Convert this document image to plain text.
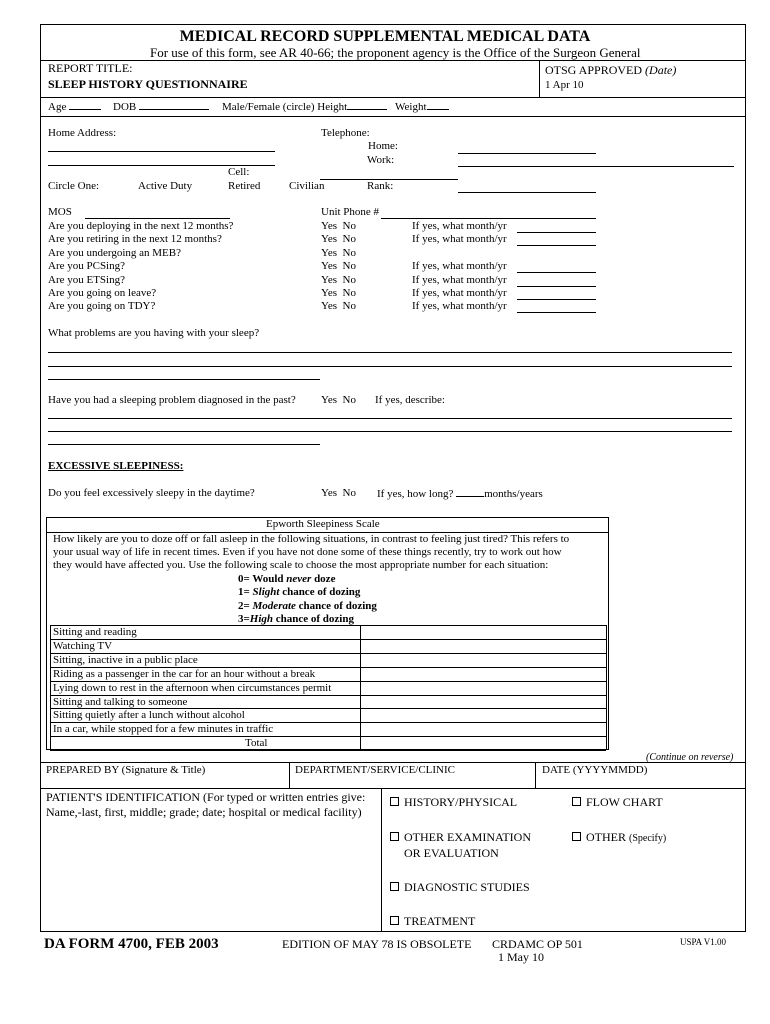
MEDICAL RECORD SUPPLEMENTAL MEDICAL DATA
For use of this form, see AR 40-66; the proponent agency is the Office of the Surgeon General
REPORT TITLE:
SLEEP HISTORY QUESTIONNAIRE
OTSG APPROVED (Date)
1 Apr 10
Age	DOB	Male/Female (circle) Height	Weight
Home Address:	Telephone:
Home:
Work:
Cell:
Circle One:	Active Duty	Retired	Civilian	Rank:
MOS	Unit Phone #
Are you deploying in the next 12 months?	Yes  No	If yes, what month/yr
Are you retiring in the next 12 months?	Yes  No	If yes, what month/yr
Are you undergoing an MEB?	Yes  No
Are you PCSing?	Yes  No	If yes, what month/yr
Are you ETSing?	Yes  No	If yes, what month/yr
Are you going on leave?	Yes  No	If yes, what month/yr
Are you going on TDY?	Yes  No	If yes, what month/yr
What problems are you having with your sleep?
Have you had a sleeping problem diagnosed in the past? Yes  No If yes, describe:
EXCESSIVE SLEEPINESS:
Do you feel excessively sleepy in the daytime?	Yes  No If yes, how long?	months/years
Epworth Sleepiness Scale
How likely are you to doze off or fall asleep in the following situations, in contrast to feeling just tired? This refers to
your usual way of life in recent times. Even if you have not done some of these things recently, try to work out how
they would have affected you. Use the following scale to choose the most appropriate number for each situation:
0= Would never doze
1= Slight chance of dozing
2= Moderate chance of dozing
3=High chance of dozing
Sitting and reading
Watching TV
Sitting, inactive in a public place
Riding as a passenger in the car for an hour without a break
Lying down to rest in the afternoon when circumstances permit
Sitting and talking to someone
Sitting quietly after a lunch without alcohol
In a car, while stopped for a few minutes in traffic
Total
(Continue on reverse)
PREPARED BY (Signature & Title)	DEPARTMENT/SERVICE/CLINIC	DATE (YYYYMMDD)
PATIENT'S IDENTIFICATION (For typed or written entries give: Name,-last, first, middle; grade; date; hospital or medical facility)
HISTORY/PHYSICAL	FLOW CHART
OTHER EXAMINATION
OR EVALUATION
OTHER (Specify)
DIAGNOSTIC STUDIES
TREATMENT
DA FORM 4700, FEB 2003	EDITION OF MAY 78 IS OBSOLETE CRDAMC OP 501
1 May 10
USPA V1.00
